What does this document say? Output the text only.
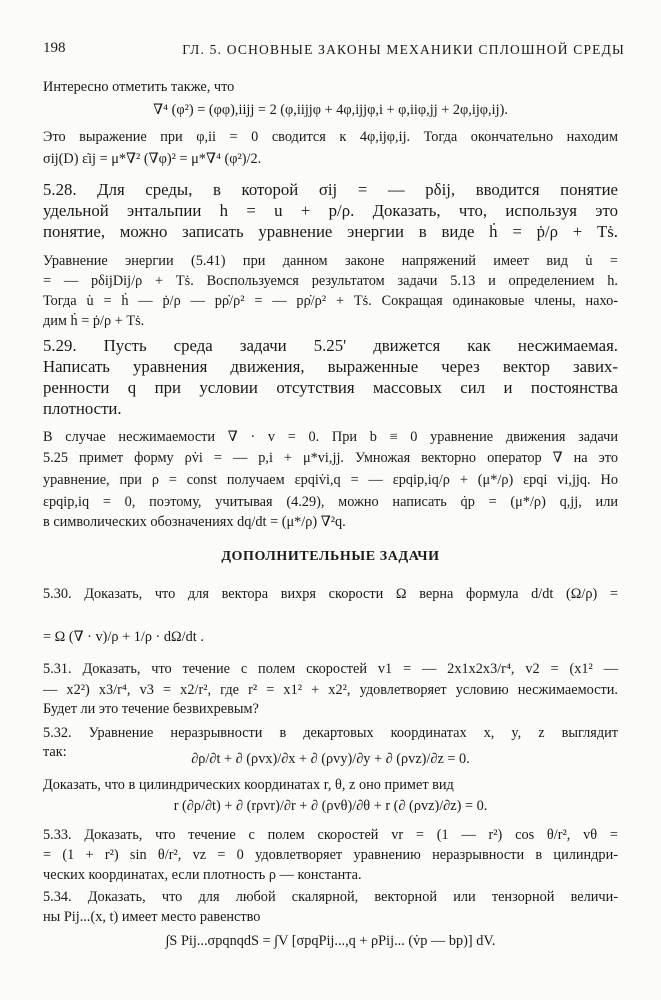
198	ГЛ. 5. ОСНОВНЫЕ ЗАКОНЫ МЕХАНИКИ СПЛОШНОЙ СРЕДЫ
Интересно отметить также, что
∇⁴ (φ²) = (φφ),iijj = 2 (φ,iijjφ + 4φ,ijjφ,i + φ,iiφ,jj + 2φ,ijφ,ij).
Это выражение при φ,ii = 0 сводится к 4φ,ijφ,ij. Тогда окончательно находим
σij(D) ε̇ij = μ*∇² (∇φ)² = μ*∇⁴ (φ²)/2.
5.28. Для среды, в которой σij = — pδij, вводится понятие
удельной энтальпии h = u + p/ρ. Доказать, что, используя это
понятие, можно записать уравнение энергии в виде ḣ = ṗ/ρ + Tṡ.
Уравнение энергии (5.41) при данном законе напряжений имеет вид u̇ =
= — pδijDij/ρ + Tṡ. Воспользуемся результатом задачи 5.13 и определением h.
Тогда u̇ = ḣ — ṗ/ρ — pρ̇/ρ² = — pρ̇/ρ² + Tṡ. Сокращая одинаковые члены, нахо-
дим ḣ = ṗ/ρ + Tṡ.
5.29. Пусть среда задачи 5.25' движется как несжимаемая.
Написать уравнения движения, выраженные через вектор завих-
ренности q при условии отсутствия массовых сил и постоянства
плотности.
В случае несжимаемости ∇ · v = 0. При b ≡ 0 уравнение движения задачи
5.25 примет форму ρv̇i = — p,i + μ*vi,jj. Умножая векторно оператор ∇ на это
уравнение, при ρ = const получаем εpqiv̇i,q = — εpqip,iq/ρ + (μ*/ρ) εpqi vi,jjq. Но
εpqip,iq = 0, поэтому, учитывая (4.29), можно написать q̇p = (μ*/ρ) q,jj, или
в символических обозначениях dq/dt = (μ*/ρ) ∇²q.
ДОПОЛНИТЕЛЬНЫЕ ЗАДАЧИ
5.30. Доказать, что для вектора вихря скорости Ω верна формула d/dt (Ω/ρ) =
= Ω (∇ · v)/ρ + 1/ρ · dΩ/dt .
5.31. Доказать, что течение с полем скоростей v1 = — 2x1x2x3/r⁴, v2 = (x1² —
— x2²) x3/r⁴, v3 = x2/r², где r² = x1² + x2², удовлетворяет условию несжимаемости.
Будет ли это течение безвихревым?
5.32. Уравнение неразрывности в декартовых координатах x, y, z выглядит
так:	∂ρ/∂t + ∂ (ρvx)/∂x + ∂ (ρvy)/∂y + ∂ (ρvz)/∂z = 0.
Доказать, что в цилиндрических координатах r, θ, z оно примет вид
r (∂ρ/∂t) + ∂ (rρvr)/∂r + ∂ (ρvθ)/∂θ + r (∂ (ρvz)/∂z) = 0.
5.33. Доказать, что течение с полем скоростей vr = (1 — r²) cos θ/r², vθ =
= (1 + r²) sin θ/r², vz = 0 удовлетворяет уравнению неразрывности в цилиндри-
ческих координатах, если плотность ρ — константа.
5.34. Доказать, что для любой скалярной, векторной или тензорной величи-
ны Pij...(x, t) имеет место равенство
∫S Pij...σpqnqdS = ∫V [σpqPij...,q + ρPij... (v̇p — bp)] dV.
